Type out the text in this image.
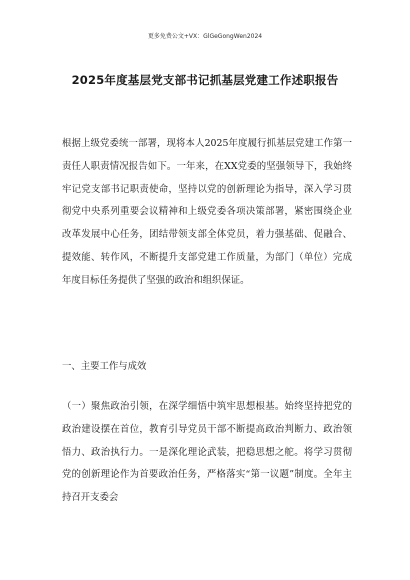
更多免费公文+VX：GlGeGongWen2024
2025年度基层党支部书记抓基层党建工作述职报告
根据上级党委统一部署，现将本人2025年度履行抓基层党建工作第一责任人职责情况报告如下。一年来，在XX党委的坚强领导下，我始终牢记党支部书记职责使命，坚持以党的创新理论为指导，深入学习贯彻党中央系列重要会议精神和上级党委各项决策部署，紧密围绕企业改革发展中心任务，团结带领支部全体党员，着力强基础、促融合、提效能、转作风，不断提升支部党建工作质量，为部门（单位）完成年度目标任务提供了坚强的政治和组织保证。
一、主要工作与成效
（一）聚焦政治引领，在深学细悟中筑牢思想根基。始终坚持把党的政治建设摆在首位，教育引导党员干部不断提高政治判断力、政治领悟力、政治执行力。一是深化理论武装，把稳思想之舵。将学习贯彻党的创新理论作为首要政治任务，严格落实“第一议题”制度。全年主持召开支委会
